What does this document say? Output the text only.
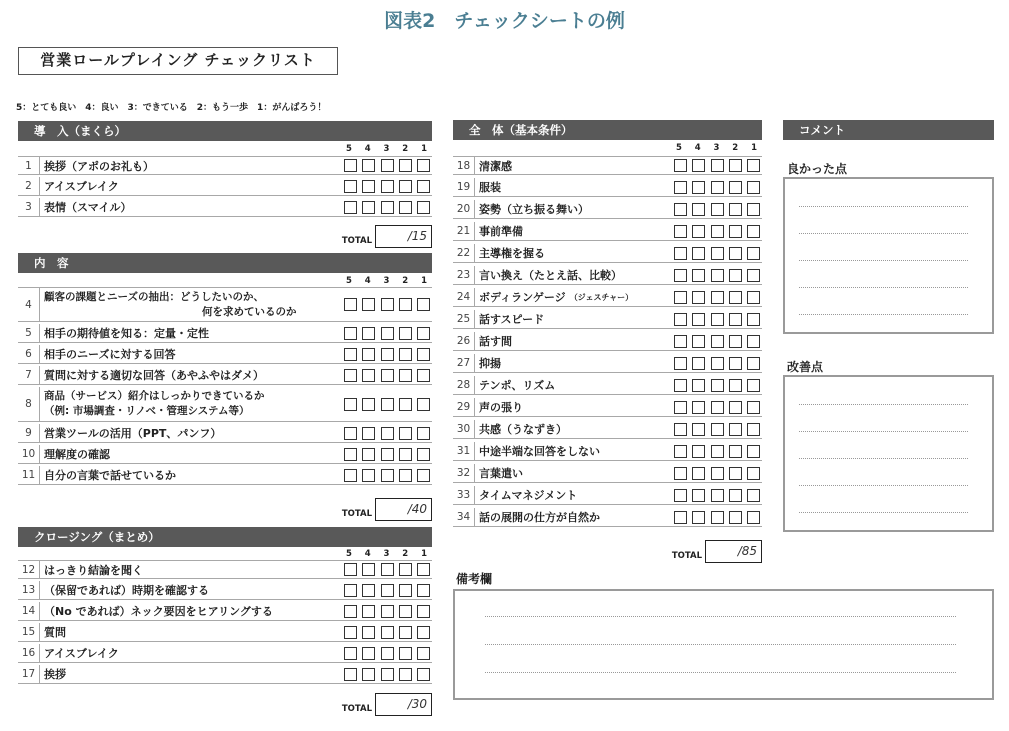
図表2　チェックシートの例
営業ロールプレイング チェックリスト
5：とても良い　4：良い　3：できている　2：もう一歩　1：がんばろう！
導　入（まくら）
5 4 3 2 1
TOTAL	/15
内　容
5 4 3 2 1
TOTAL	/40
クロージング（まとめ）
5 4 3 2 1
TOTAL	/30
全　体（基本条件）
5 4 3 2 1
TOTAL	/85
コメント
良かった点
改善点
備考欄
1	挨拶（アポのお礼も）
2	アイスブレイク
3	表情（スマイル）
4
顧客の課題とニーズの抽出：どうしたいのか、
何を求めているのか
5	相手の期待値を知る：定量・定性
6	相手のニーズに対する回答
7	質問に対する適切な回答（あやふやはダメ）
8
商品（サービス）紹介はしっかりできているか
（例: 市場調査・リノベ・管理システム等）
9	営業ツールの活用（PPT、パンフ）
10 理解度の確認
11 自分の言葉で話せているか
12 はっきり結論を聞く
13 （保留であれば）時期を確認する
14 （No であれば）ネック要因をヒアリングする
15 質問
16 アイスブレイク
17 挨拶
18 清潔感
19 服装
20 姿勢（立ち振る舞い）
21 事前準備
22 主導権を握る
23 言い換え（たとえ話、比較）
24 ボディランゲージ （ジェスチャー）
25 話すスピード
26 話す間
27 抑揚
28 テンポ、リズム
29 声の張り
30 共感（うなずき）
31 中途半端な回答をしない
32 言葉遣い
33 タイムマネジメント
34 話の展開の仕方が自然か
